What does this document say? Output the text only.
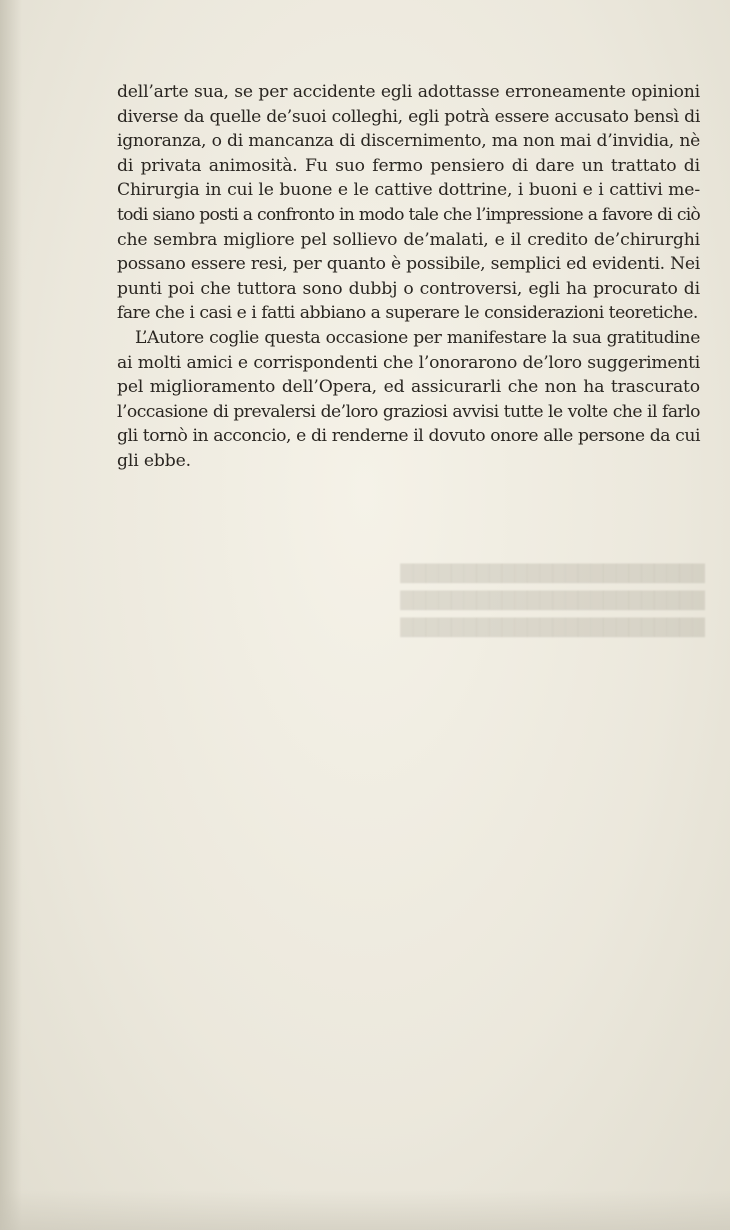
████████████████████████
████████████████████████
████████████████████████

dell’arte sua, se per accidente egli adottasse erroneamente opinioni

diverse da quelle de’suoi colleghi, egli potrà essere accusato bensì di

ignoranza, o di mancanza di discernimento, ma non mai d’invidia, nè

di privata animosità. Fu suo fermo pensiero di dare un trattato di

Chirurgia in cui le buone e le cattive dottrine, i buoni e i cattivi me-

todi siano posti a confronto in modo tale che l’impressione a favore di ciò

che sembra migliore pel sollievo de’malati, e il credito de’chirurghi

possano essere resi, per quanto è possibile, semplici ed evidenti. Nei

punti poi che tuttora sono dubbj o controversi, egli ha procurato di

fare che i casi e i fatti abbiano a superare le considerazioni teoretiche.

L’Autore coglie questa occasione per manifestare la sua gratitudine

ai molti amici e corrispondenti che l’onorarono de’loro suggerimenti

pel miglioramento dell’Opera, ed assicurarli che non ha trascurato

l’occasione di prevalersi de’loro graziosi avvisi tutte le volte che il farlo

gli tornò in acconcio, e di renderne il dovuto onore alle persone da cui

gli ebbe.
